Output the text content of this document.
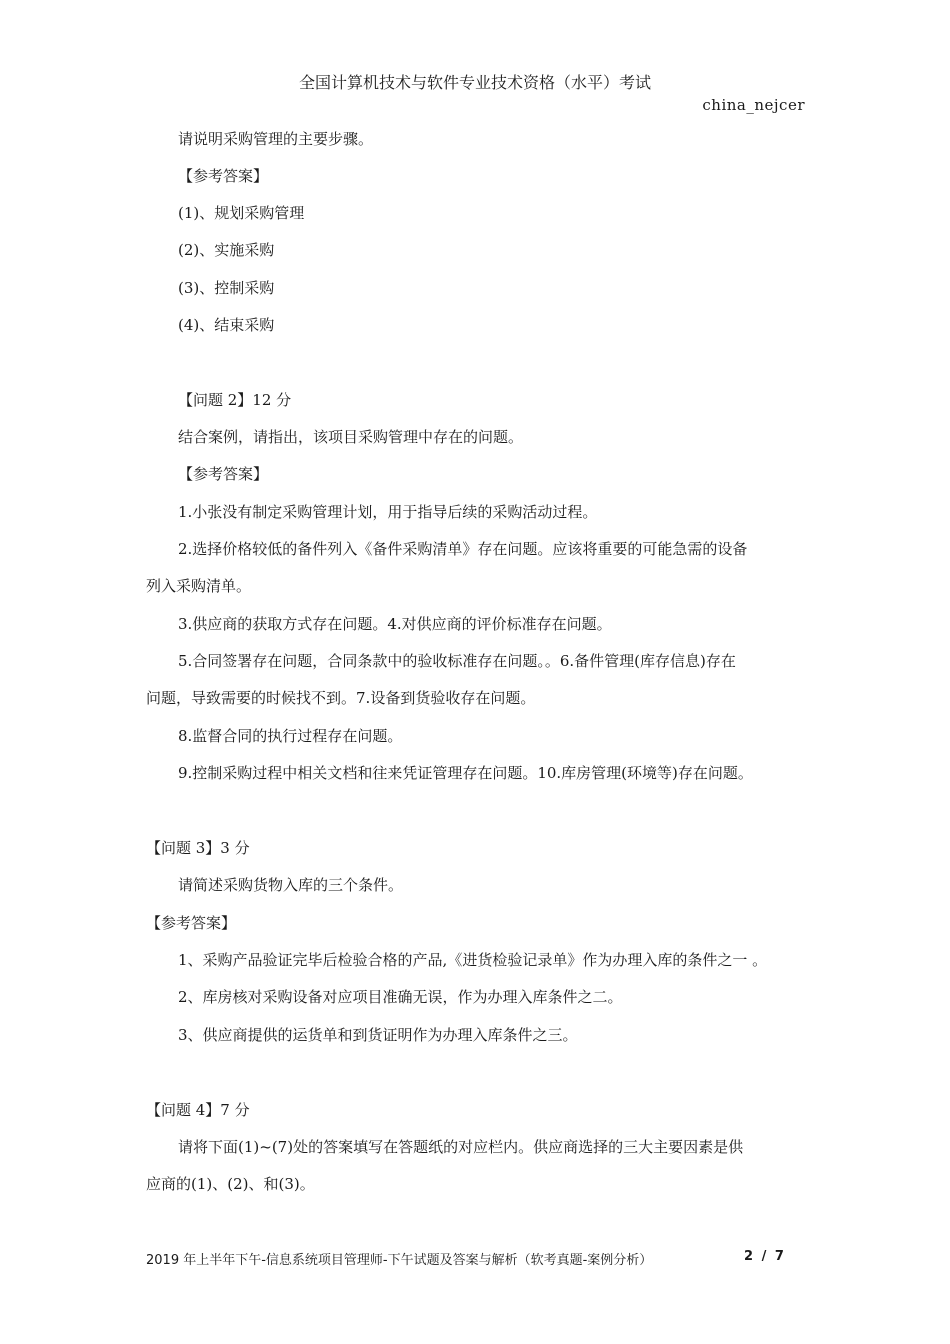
全国计算机技术与软件专业技术资格（水平）考试
china_nejcer
请说明采购管理的主要步骤。
【参考答案】
(1)、规划采购管理
(2)、实施采购
(3)、控制采购
(4)、结束采购
【问题 2】12 分
结合案例，请指出，该项目采购管理中存在的问题。
【参考答案】
1.小张没有制定采购管理计划，用于指导后续的采购活动过程。
2.选择价格较低的备件列入《备件采购清单》存在问题。应该将重要的可能急需的设备
列入采购清单。
3.供应商的获取方式存在问题。4.对供应商的评价标准存在问题。
5.合同签署存在问题，合同条款中的验收标准存在问题。。6.备件管理(库存信息)存在
问题，导致需要的时候找不到。7.设备到货验收存在问题。
8.监督合同的执行过程存在问题。
9.控制采购过程中相关文档和往来凭证管理存在问题。10.库房管理(环境等)存在问题。
【问题 3】3 分
请简述采购货物入库的三个条件。
【参考答案】
1、采购产品验证完毕后检验合格的产品,《进货检验记录单》作为办理入库的条件之一 。
2、库房核对采购设备对应项目准确无误，作为办理入库条件之二。
3、供应商提供的运货单和到货证明作为办理入库条件之三。
【问题 4】7 分
请将下面(1)~(7)处的答案填写在答题纸的对应栏内。供应商选择的三大主要因素是供
应商的(1)、(2)、和(3)。
2019 年上半年下午-信息系统项目管理师-下午试题及答案与解析（软考真题-案例分析）	2 / 7
